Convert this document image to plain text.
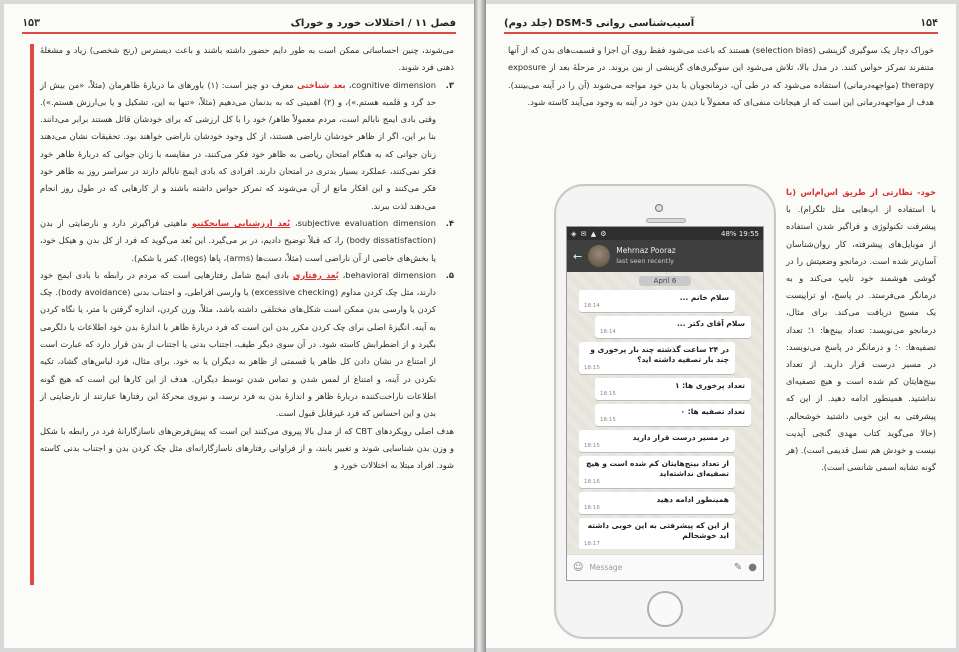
فصل ۱۱ / اختلالات خورد و خوراک
۱۵۳

می‌شوند، چنین احساساتی ممکن است به طور دایم حضور داشته باشند و باعث دیسترس (رنج شخصی) زیاد و مشغلهٔ ذهنی فرد شوند.

۳.
cognitive dimension، بعد شناختی معرف دو چیز است: (۱) باورهای ما دربارهٔ ظاهرمان (مثلاً، «من بیش از حد گرد و قلمبه هستم.»)، و (۲) اهمیتی که به بدنمان می‌دهیم (مثلاً، «تنها به این، تشکیل و یا بی‌ارزش هستم.»). وقتی بادی ایمج نابالم است، مردم معمولاً ظاهر/ خود را با کل ارزشی که برای خودشان قائل هستند برابر می‌دانند. بنا بر این، اگر از ظاهر خودشان ناراضی هستند، از کل وجود خودشان ناراضی خواهند بود. تحقیقات نشان می‌دهند زنان جوانی که به هنگام امتحان ریاضی به ظاهر خود فکر می‌کنند، در مقایسه با زنان جوانی که دربارهٔ ظاهر خود فکر نمی‌کنند، عملکرد بسیار بدتری در امتحان دارند. افرادی که بادی ایمج نابالم دارند در سراسر روز به ظاهر خود فکر می‌کنند و این افکار مانع از آن می‌شوند که تمرکز حواس داشته باشند و از کارهایی که در طول روز انجام می‌دهند لذت ببرند.

۴.
subjective evaluation dimension، بُعد ارزشیابی سابجکتیو ماهیتی فراگیرتر دارد و نارضایتی از بدن (body dissatisfaction) را، که قبلاً توضیح دادیم، در بر می‌گیرد. این بُعد می‌گوید که فرد از کل بدن و هیکل خود، یا بخش‌های خاصی از آن ناراضی است (مثلاً، دست‌ها (arms)، پاها (legs)، کمر یا شکم).

۵.
behavioral dimension، بُعد رفتاری بادی ایمج شامل رفتارهایی است که مردم در رابطه با بادی ایمج خود دارند، مثل چک کردن مداوم (excessive checking) یا وارسی افراطی، و اجتناب بدنی (body avoidance). چک کردن یا وارسی بدن ممکن است شکل‌های مختلفی داشته باشد، مثلاً، وزن کردن، اندازه گرفتن با متر، یا نگاه کردن به آینه. انگیزهٔ اصلی برای چک کردن مکرر بدن این است که فرد دربارهٔ ظاهر با اندازهٔ بدن خود اطلاعات یا دلگرمی بگیرد و از اضطرابش کاسته شود. در آن سوی دیگر طیف، اجتناب بدنی یا اجتناب از بدن قرار دارد که عبارت است از امتناع در نشان دادن کل ظاهر یا قسمتی از ظاهر به دیگران یا به خود. برای مثال، فرد لباس‌های گشاد، تکیه نکردن در آینه، و امتناع از لمس شدن و تماس شدن توسط دیگران. هدف از این کارها این است که هیچ گونه اطلاعات ناراحت‌کننده دربارهٔ ظاهر و اندازهٔ بدن به فرد نرسد، و نیروی محرکهٔ این رفتارها عبارتند از نارضایتی از بدن و این احساس که فرد غیرقابل قبول است.

هدف اصلی رویکردهای CBT که از مدل بالا پیروی می‌کنند این است که پیش‌فرض‌های ناسازگارانهٔ فرد در رابطه با شکل و وزن بدن شناسایی شوند و تغییر یابند، و از فراوانی رفتارهای ناسازگارانه‌ای مثل چک کردن بدن و اجتناب بدنی کاسته شود. افراد مبتلا به اختلالات خورد و

۱۵۴
آسیب‌شناسی روانی DSM-5 (جلد دوم)
خوراک دچار یک سوگیری گزینشی (selection bias) هستند که باعث می‌شود فقط روی آن اجزا و قسمت‌های بدن که از آنها متنفرند تمرکز حواس کنند. در مدل بالا، تلاش می‌شود این سوگیری‌های گزینشی از بین بروند. در مرحلهٔ بعد از exposure therapy (مواجهه‌درمانی) استفاده می‌شود که در طی آن، درمانجویان با بدن خود مواجه می‌شوند (آن را در آینه می‌بینند). هدف از مواجهه‌درمانی این است که از هیجانات منفی‌ای که معمولاً با دیدن بدن خود در آینه به وجود می‌آیند کاسته شود.
خود- نظارتی از طریق اس‌ام‌اس (با با استفاده از اپ‌هایی مثل تلگرام). با پیشرفت تکنولوژی و فراگیر شدن استفاده از موبایل‌های پیشرفته، کار روان‌شناسان آسان‌تر شده است. درمانجو وضعیتش را در گوشی هوشمند خود تایپ می‌کند و به درمانگر می‌فرستد. در پاسخ، او تراپیست یک مسیج دریافت می‌کند. برای مثال، درمانجو می‌نویسد: تعداد بینج‌ها: ۱؛ تعداد تصفیه‌ها: ۰؛ و درمانگر در پاسخ می‌نویسد: در مسیر درست قرار دارید. از تعداد بینج‌هایتان کم شده است و هیچ تصفیه‌ای نداشتید. همینطور ادامه دهید. از این که پیشرفتی به این خوبی داشتید خوشحالم. (حالا می‌گوید کتاب مهدی گنجی آپدیت نیست و خودش هم نسل قدیمی است). (هر گونه تشابه اسمی شانسی است).
◈ ✉ ▲ ⚙	48% 19:55
←	Mehrnaz Pooraz
last seen recently
April 6
سلام خانم ...
18:14
سلام آقای دکتر ...
18:14
در ۲۴ ساعت گذشته چند بار پرخوری و چند بار تصفیه داشته اید؟
18:15
تعداد پرخوری ها: ۱
18:15
تعداد تصفیه ها: ۰
18:15
در مسیر درست قرار دارید
18:15
از تعداد بینج‌هایتان کم شده است و هیچ تصفیه‌ای نداشته‌اید
18:16
همینطور ادامه دهید
18:16
از این که پیشرفتی به این خوبی داشته اید خوشحالم
18:17
☺ Message	✎ ●
